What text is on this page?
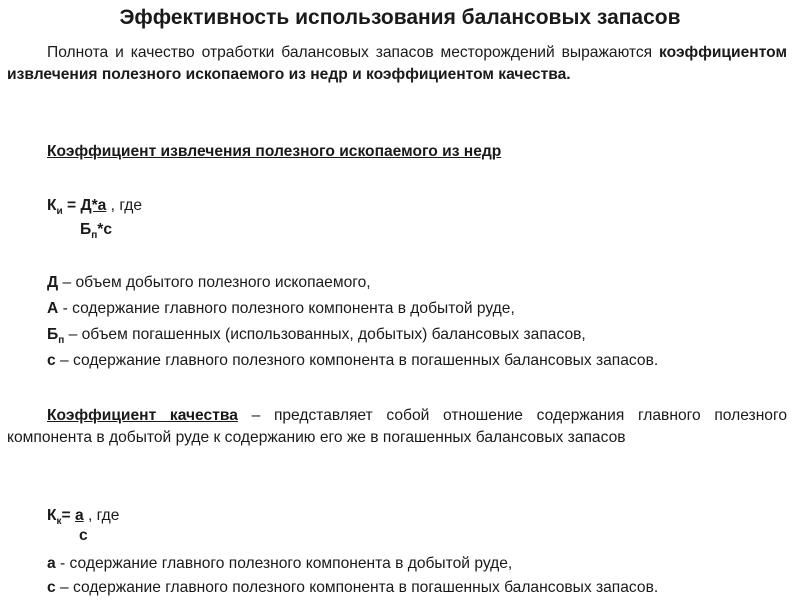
Эффективность использования балансовых запасов
Полнота и качество отработки балансовых запасов месторождений выражаются коэффициентом извлечения полезного ископаемого из недр и коэффициентом качества.
Коэффициент извлечения полезного ископаемого из недр
$К_и = Д*а$ , где
$Б_п*с$
Д – объем добытого полезного ископаемого,
А - содержание главного полезного компонента в добытой руде,
$Б_п$ – объем погашенных (использованных, добытых) балансовых запасов,
с – содержание главного полезного компонента в погашенных балансовых запасов.
Коэффициент качества – представляет собой отношение содержания главного полезного компонента в добытой руде к содержанию его же в погашенных балансовых запасов
$К_к= а$ , где
с
а - содержание главного полезного компонента в добытой руде,
с – содержание главного полезного компонента в погашенных балансовых запасов.
